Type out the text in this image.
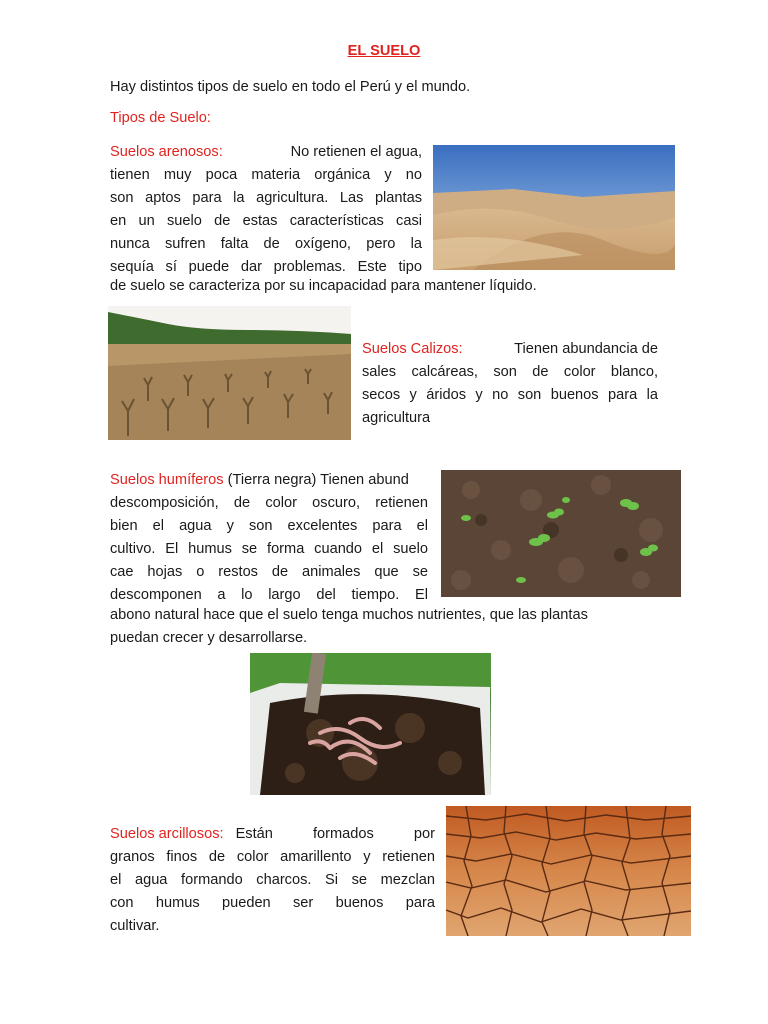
EL SUELO
Hay distintos tipos de suelo en todo el Perú y el mundo.
Tipos de Suelo:
Suelos arenosos:	No retienen el agua,
tienen muy poca materia orgánica y no
son aptos para la agricultura. Las plantas
en un suelo de estas características casi
nunca sufren falta de oxígeno, pero la
sequía sí puede dar problemas. Este tipo
de suelo se caracteriza por su incapacidad para mantener líquido.
Suelos Calizos:	Tienen abundancia de
sales calcáreas, son de color blanco,
secos y áridos y no son buenos para la
agricultura
Suelos humíferos (Tierra negra) Tienen abund
descomposición, de color oscuro, retienen
bien el agua y son excelentes para el
cultivo. El humus se forma cuando el suelo
cae hojas o restos de animales que se
descomponen a lo largo del tiempo. El
abono natural hace que el suelo tenga muchos nutrientes, que las plantas
puedan crecer y desarrollarse.
Suelos arcillosos: Están formados por
granos finos de color amarillento y retienen
el agua formando charcos. Si se mezclan
con humus pueden ser buenos para
cultivar.
